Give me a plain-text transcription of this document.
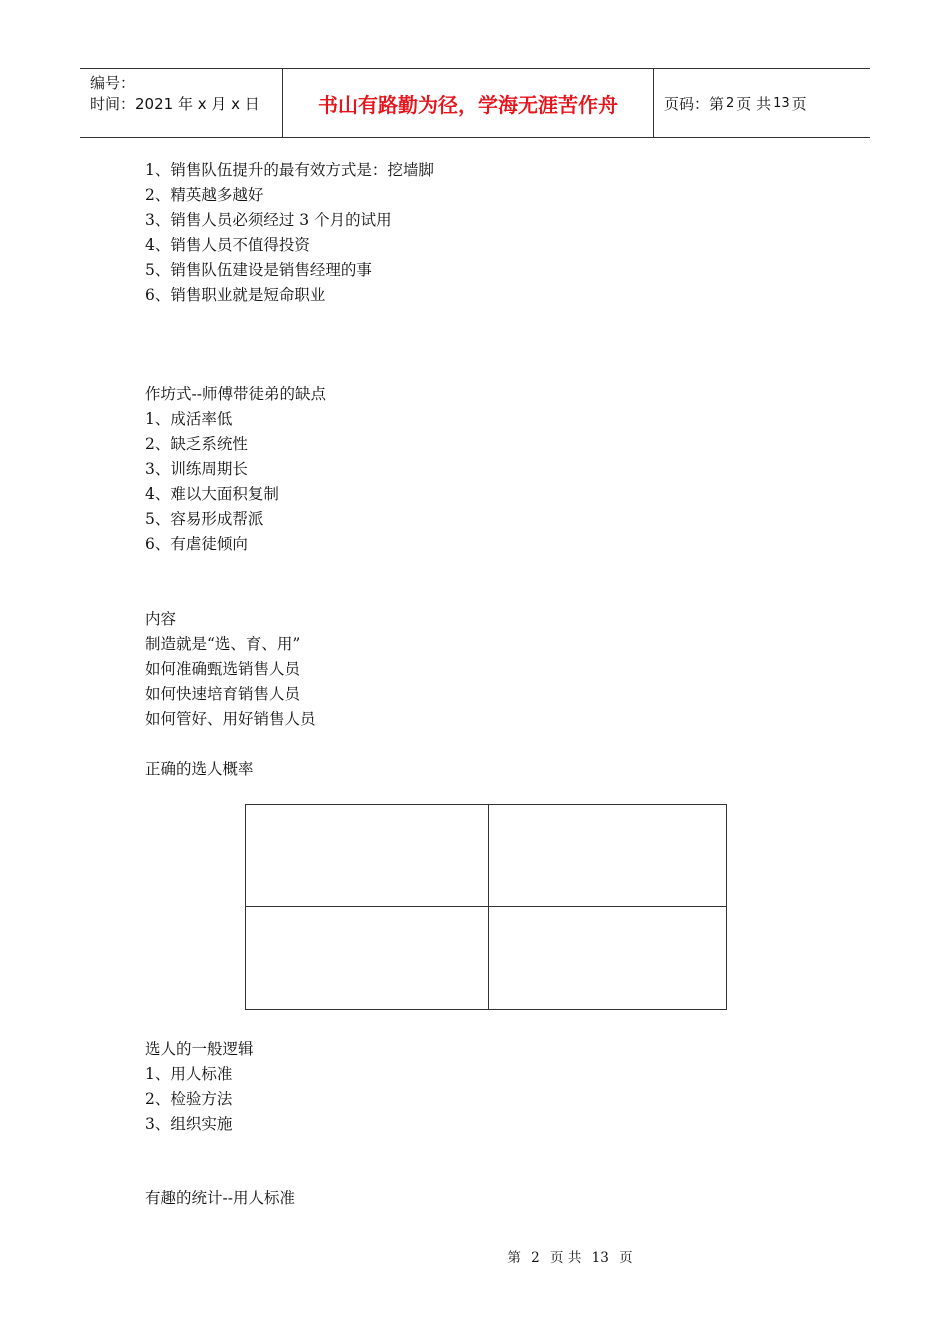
编号：
时间：2021 年 x 月 x 日	书山有路勤为径，学海无涯苦作舟	页码：第 2 页 共 13 页
1、销售队伍提升的最有效方式是：挖墙脚
2、精英越多越好
3、销售人员必须经过 3 个月的试用
4、销售人员不值得投资
5、销售队伍建设是销售经理的事
6、销售职业就是短命职业
作坊式--师傅带徒弟的缺点
1、成活率低
2、缺乏系统性
3、训练周期长
4、难以大面积复制
5、容易形成帮派
6、有虐徒倾向
内容
制造就是“选、育、用”
如何准确甄选销售人员
如何快速培育销售人员
如何管好、用好销售人员
正确的选人概率
选人的一般逻辑
1、用人标准
2、检验方法
3、组织实施
有趣的统计--用人标准
第 2 页 共 13 页
